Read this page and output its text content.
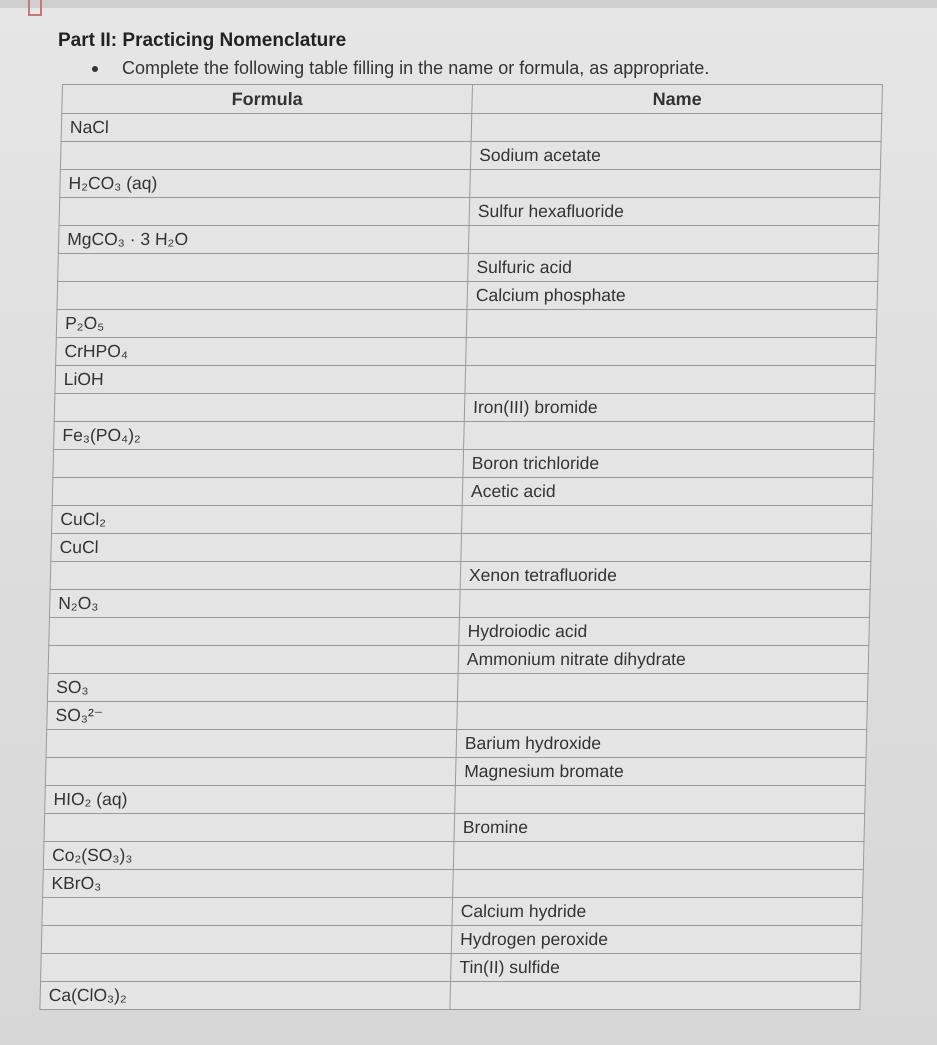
Part II: Practicing Nomenclature
Complete the following table filling in the name or formula, as appropriate.
Formula	Name
NaCl	
	Sodium acetate
H₂CO₃ (aq)	
	Sulfur hexafluoride
MgCO₃ · 3 H₂O	
	Sulfuric acid
	Calcium phosphate
P₂O₅	
CrHPO₄	
LiOH	
	Iron(III) bromide
Fe₃(PO₄)₂	
	Boron trichloride
	Acetic acid
CuCl₂	
CuCl	
	Xenon tetrafluoride
N₂O₃	
	Hydroiodic acid
	Ammonium nitrate dihydrate
SO₃	
SO₃²⁻	
	Barium hydroxide
	Magnesium bromate
HIO₂ (aq)	
	Bromine
Co₂(SO₃)₃	
KBrO₃	
	Calcium hydride
	Hydrogen peroxide
	Tin(II) sulfide
Ca(ClO₃)₂	
